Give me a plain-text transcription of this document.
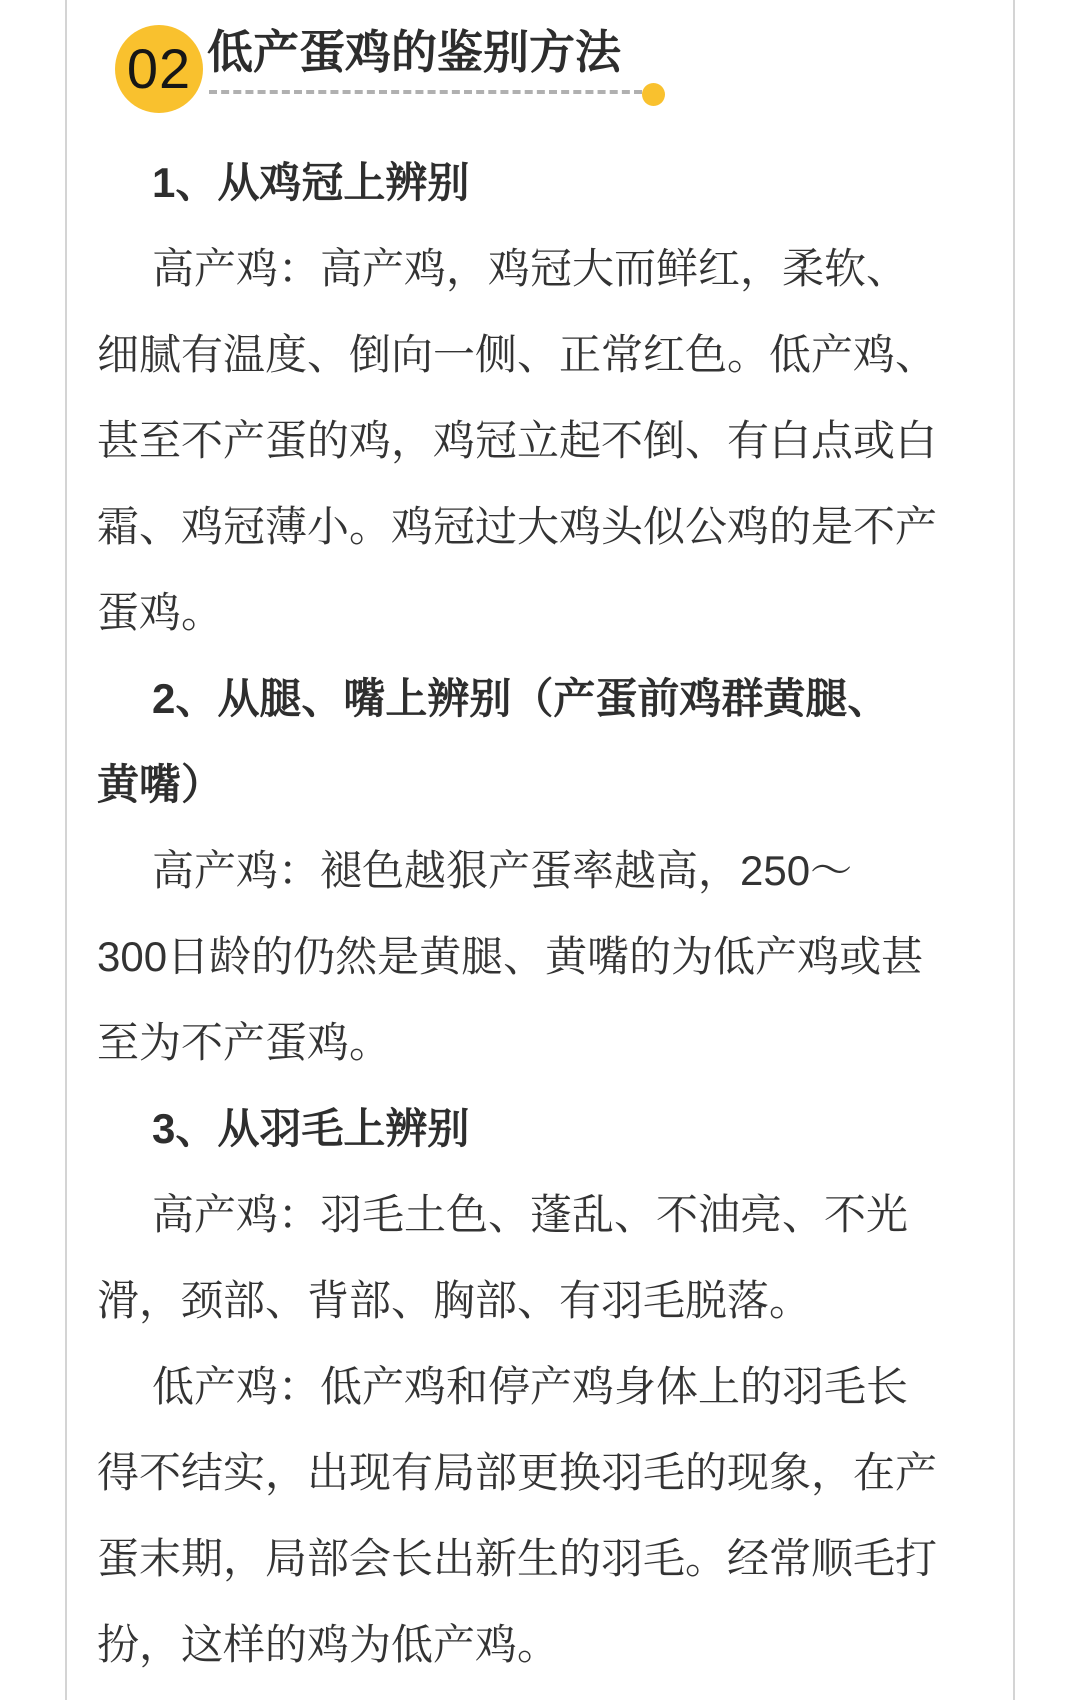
02 低产蛋鸡的鉴别方法
1、从鸡冠上辨别
高产鸡：高产鸡，鸡冠大而鲜红，柔软、
细腻有温度、倒向一侧、正常红色。低产鸡、
甚至不产蛋的鸡，鸡冠立起不倒、有白点或白
霜、鸡冠薄小。鸡冠过大鸡头似公鸡的是不产
蛋鸡。
2、从腿、嘴上辨别（产蛋前鸡群黄腿、
黄嘴）
高产鸡：褪色越狠产蛋率越高，250～
300日龄的仍然是黄腿、黄嘴的为低产鸡或甚
至为不产蛋鸡。
3、从羽毛上辨别
高产鸡：羽毛土色、蓬乱、不油亮、不光
滑，颈部、背部、胸部、有羽毛脱落。
低产鸡：低产鸡和停产鸡身体上的羽毛长
得不结实，出现有局部更换羽毛的现象，在产
蛋末期，局部会长出新生的羽毛。经常顺毛打
扮，这样的鸡为低产鸡。
